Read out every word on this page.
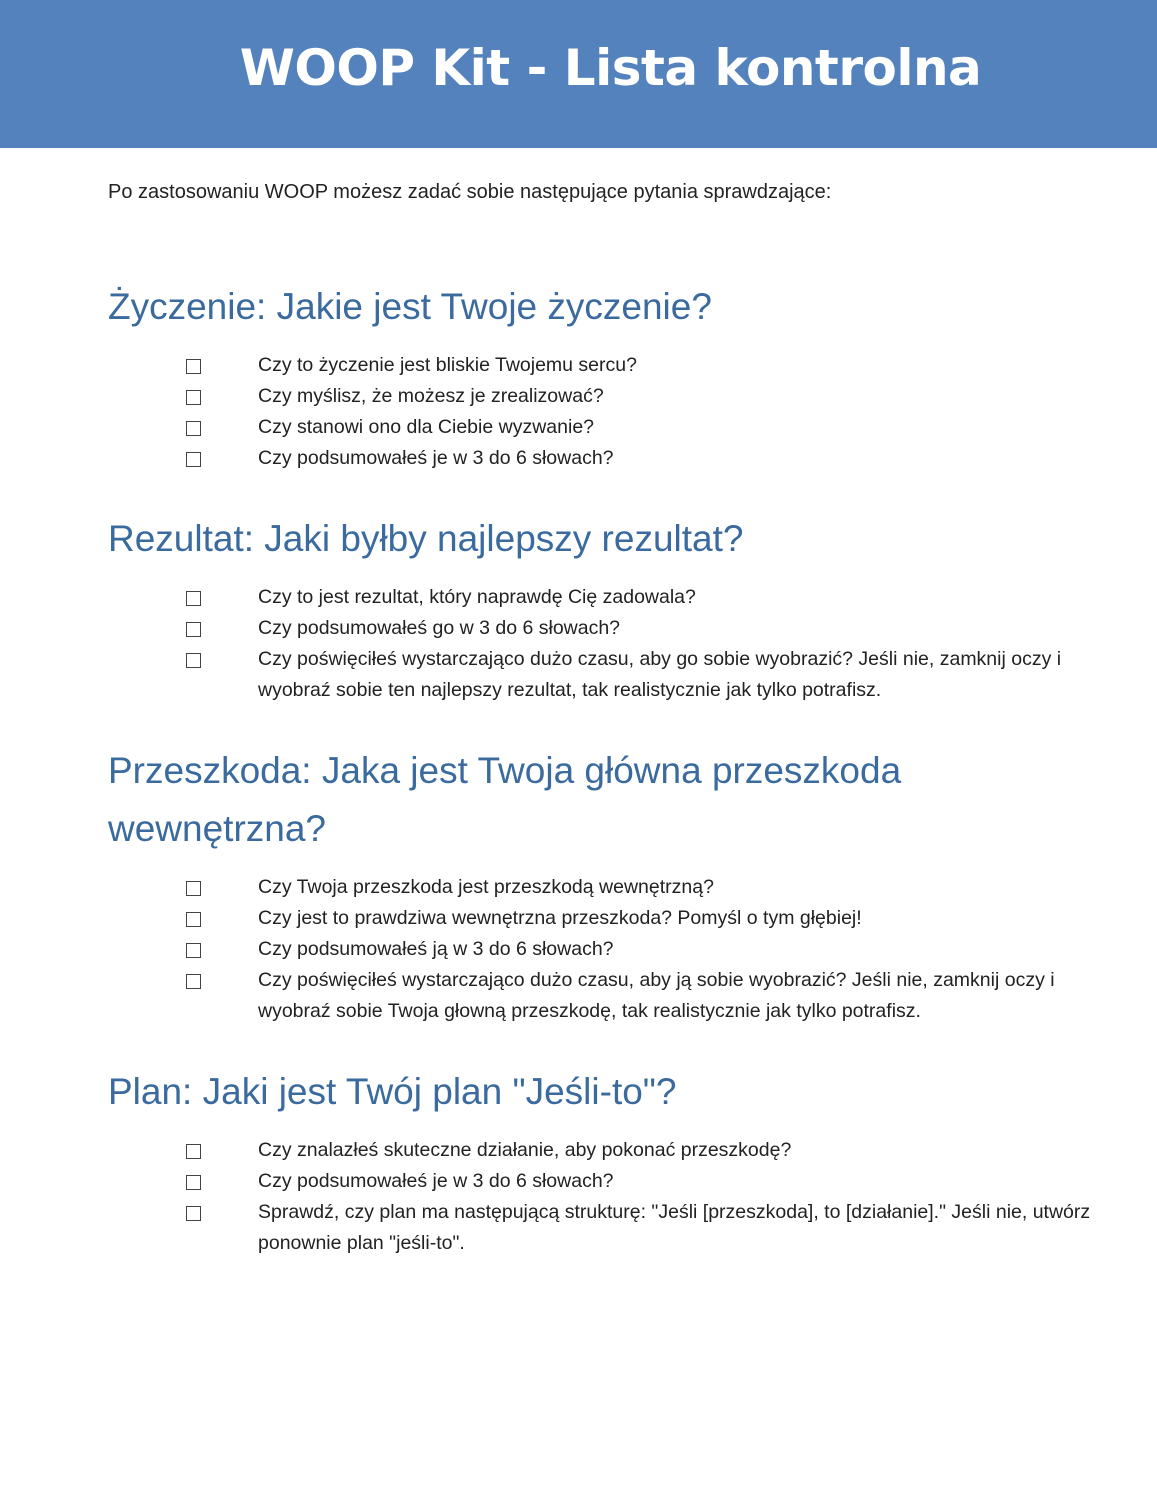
WOOP Kit - Lista kontrolna

Po zastosowaniu WOOP możesz zadać sobie następujące pytania sprawdzające:

Życzenie: Jakie jest Twoje życzenie?
Czy to życzenie jest bliskie Twojemu sercu?
Czy myślisz, że możesz je zrealizować?
Czy stanowi ono dla Ciebie wyzwanie?
Czy podsumowałeś je w 3 do 6 słowach?
Rezultat: Jaki byłby najlepszy rezultat?
Czy to jest rezultat, który naprawdę Cię zadowala?
Czy podsumowałeś go w 3 do 6 słowach?
Czy poświęciłeś wystarczająco dużo czasu, aby go sobie wyobrazić? Jeśli nie, zamknij oczy i wyobraź sobie ten najlepszy rezultat, tak realistycznie jak tylko potrafisz.
Przeszkoda: Jaka jest Twoja główna przeszkoda wewnętrzna?
Czy Twoja przeszkoda jest przeszkodą wewnętrzną?
Czy jest to prawdziwa wewnętrzna przeszkoda? Pomyśl o tym głębiej!
Czy podsumowałeś ją w 3 do 6 słowach?
Czy poświęciłeś wystarczająco dużo czasu, aby ją sobie wyobrazić? Jeśli nie, zamknij oczy i wyobraź sobie Twoja głowną przeszkodę, tak realistycznie jak tylko potrafisz.
Plan: Jaki jest Twój plan "Jeśli-to"?
Czy znalazłeś skuteczne działanie, aby pokonać przeszkodę?
Czy podsumowałeś je w 3 do 6 słowach?
Sprawdź, czy plan ma następującą strukturę: "Jeśli [przeszkoda], to [działanie]." Jeśli nie, utwórz ponownie plan "jeśli-to".
